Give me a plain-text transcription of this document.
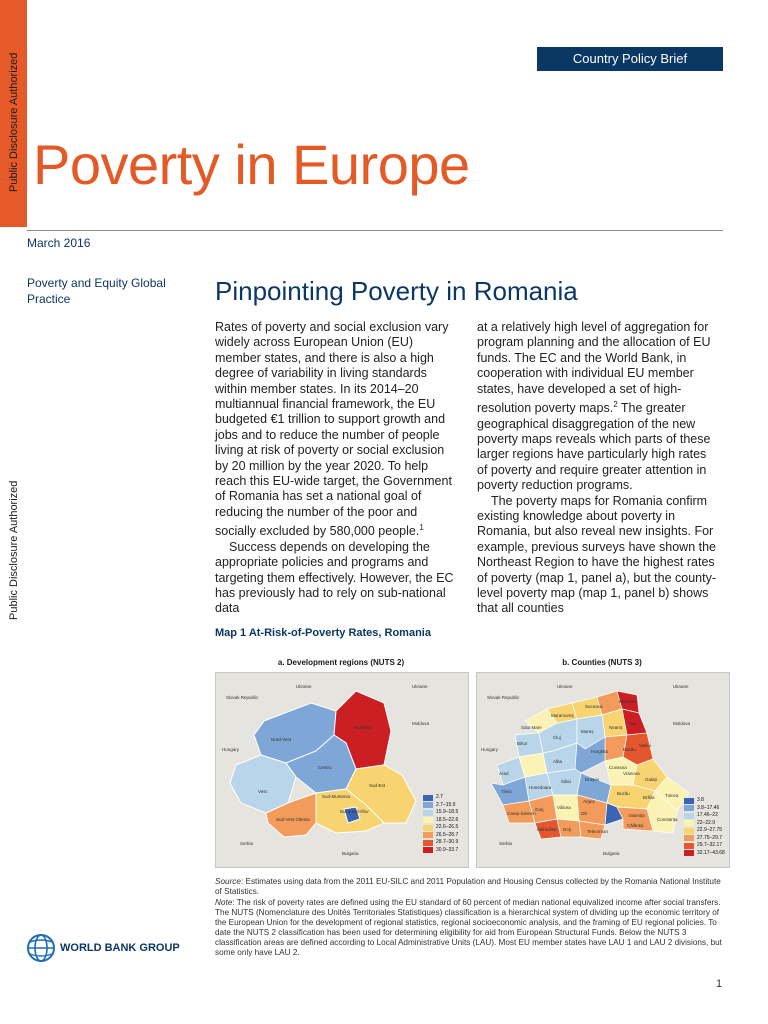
Public Disclosure Authorized
Public Disclosure Authorized
Country Policy Brief
Poverty in Europe
March 2016
Poverty and Equity Global Practice	Pinpointing Poverty in Romania

Rates of poverty and social exclusion vary widely across European Union (EU) member states, and there is also a high degree of variability in living standards within member states. In its 2014–20 multiannual financial framework, the EU budgeted €1 trillion to support growth and jobs and to reduce the number of people living at risk of poverty or social exclusion by 20 million by the year 2020. To help reach this EU-wide target, the Government of Romania has set a national goal of reducing the number of the poor and socially excluded by 580,000 people.$^1$

Success depends on developing the appropriate policies and programs and targeting them effectively. However, the EC has previously had to rely on sub-national data

at a relatively high level of aggregation for program planning and the allocation of EU funds. The EC and the World Bank, in cooperation with individual EU member states, have developed a set of high-resolution poverty maps.$^2$ The greater geographical disaggregation of the new poverty maps reveals which parts of these larger regions have particularly high rates of poverty and require greater attention in poverty reduction programs.

The poverty maps for Romania confirm existing knowledge about poverty in Romania, but also reveal new insights. For example, previous surveys have shown the Northeast Region to have the highest rates of poverty (map 1, panel a), but the county-level poverty map (map 1, panel b) shows that all counties

Map 1 At-Risk-of-Poverty Rates, Romania
a. Development regions (NUTS 2)	b. Counties (NUTS 3)
Slovak Republic
Ukraine	Ukraine
Moldova
Hungary
Serbia
Bulgaria
Nord-Vest
Centru
Nord-Est
Vest
Sud-Est
Sud-Muntenia
București-Ilfov
Sud-Vest Oltenia
Slovak Republic
Ukraine	Ukraine
Moldova
Hungary
Serbia
Bulgaria
Satu Mare
Maramureș
Suceava
Botoșani
Bihor
Cluj
Mureș
Harghita
Neamț
Iași
Arad
Alba
Sibiu	Brașov
Covasna
Bacău
Vaslui
Timiș
Hunedoara
Vrancea
Galați
Tulcea
Caraș-Severin
Gorj	Vâlcea
Argeș
Buzău
Brăila
Mehedinți Dolj
Olt
Teleorman
Ialomița
Constanța
Călărași
2.7
2.7–15.9
15.9–18.5
18.5–22.6
22.6–26.5
26.5–28.7
28.7–30.9
30.9–33.7
3.8
3.8–17.46
17.46–22
22–22.9
22.9–27.75
27.75–29.7
29.7–32.17
32.17–43.68

Source: Estimates using data from the 2011 EU-SILC and 2011 Population and Housing Census collected by the Romania National Institute of Statistics.

Note: The risk of poverty rates are defined using the EU standard of 60 percent of median national equivalized income after social transfers. The NUTS (Nomenclature des Unités Territoriales Statistiques) classification is a hierarchical system of dividing up the economic territory of the European Union for the development of regional statistics, regional socioeconomic analysis, and the framing of EU regional policies. To date the NUTS 2 classification has been used for determining eligibility for aid from European Structural Funds. Below the NUTS 3 classification areas are defined according to Local Administrative Units (LAU). Most EU member states have LAU 1 and LAU 2 divisions, but some only have LAU 2.

WORLD BANK GROUP
1
